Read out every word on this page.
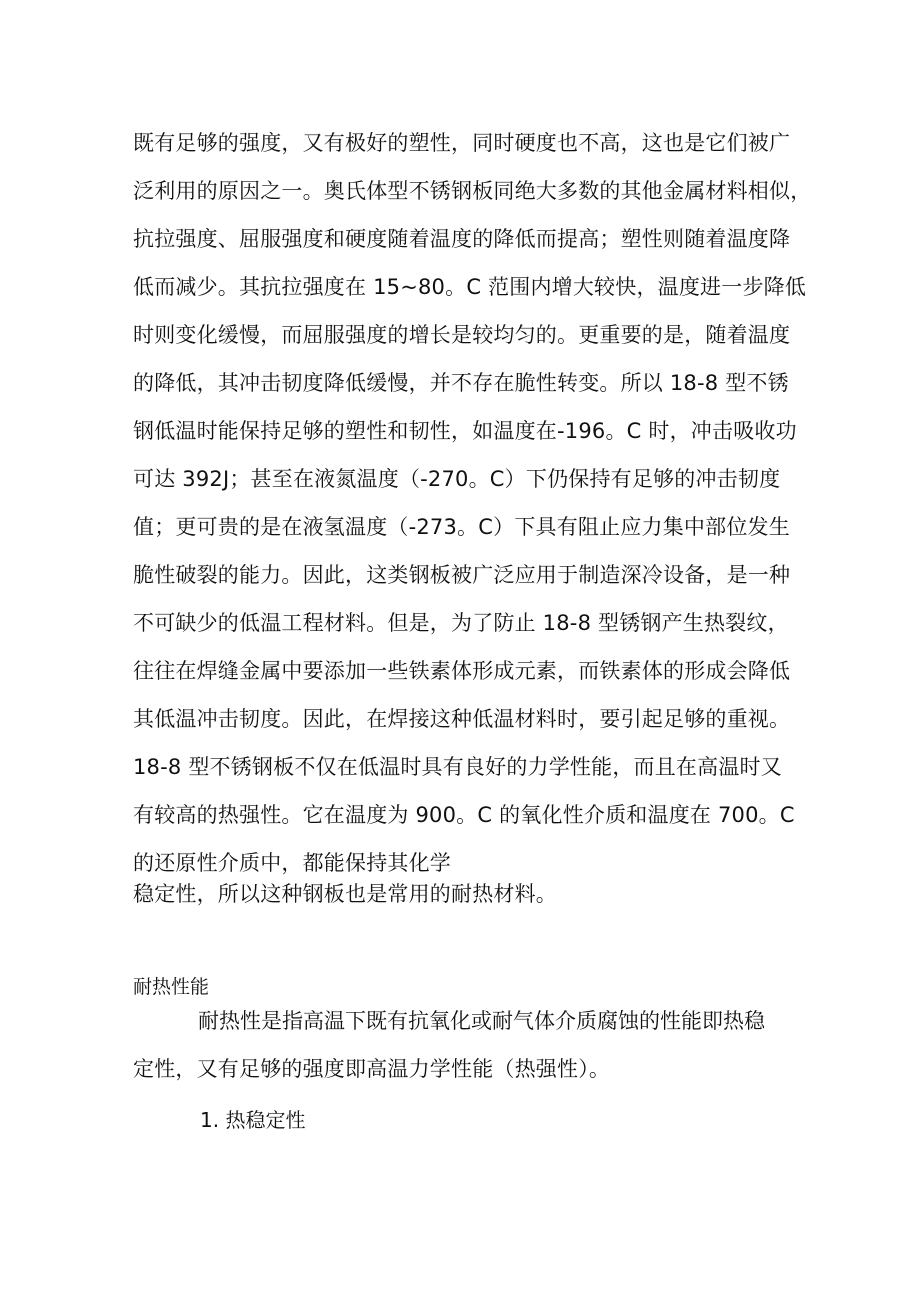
既有足够的强度，又有极好的塑性，同时硬度也不高，这也是它们被广
泛利用的原因之一。奥氏体型不锈钢板同绝大多数的其他金属材料相似，
抗拉强度、屈服强度和硬度随着温度的降低而提高；塑性则随着温度降
低而减少。其抗拉强度在 15~80。C 范围内增大较快，温度进一步降低
时则变化缓慢，而屈服强度的增长是较均匀的。更重要的是，随着温度
的降低，其冲击韧度降低缓慢，并不存在脆性转变。所以 18-8 型不锈
钢低温时能保持足够的塑性和韧性，如温度在-196。C 时，冲击吸收功
可达 392J；甚至在液氮温度（-270。C）下仍保持有足够的冲击韧度
值；更可贵的是在液氢温度（-273。C）下具有阻止应力集中部位发生
脆性破裂的能力。因此，这类钢板被广泛应用于制造深冷设备，是一种
不可缺少的低温工程材料。但是，为了防止 18-8 型锈钢产生热裂纹，
往往在焊缝金属中要添加一些铁素体形成元素，而铁素体的形成会降低
其低温冲击韧度。因此，在焊接这种低温材料时，要引起足够的重视。
18-8 型不锈钢板不仅在低温时具有良好的力学性能，而且在高温时又
有较高的热强性。它在温度为 900。C 的氧化性介质和温度在 700。C
的还原性介质中，都能保持其化学
稳定性，所以这种钢板也是常用的耐热材料。
耐热性能
耐热性是指高温下既有抗氧化或耐气体介质腐蚀的性能即热稳
定性，又有足够的强度即高温力学性能（热强性）。
1. 热稳定性
